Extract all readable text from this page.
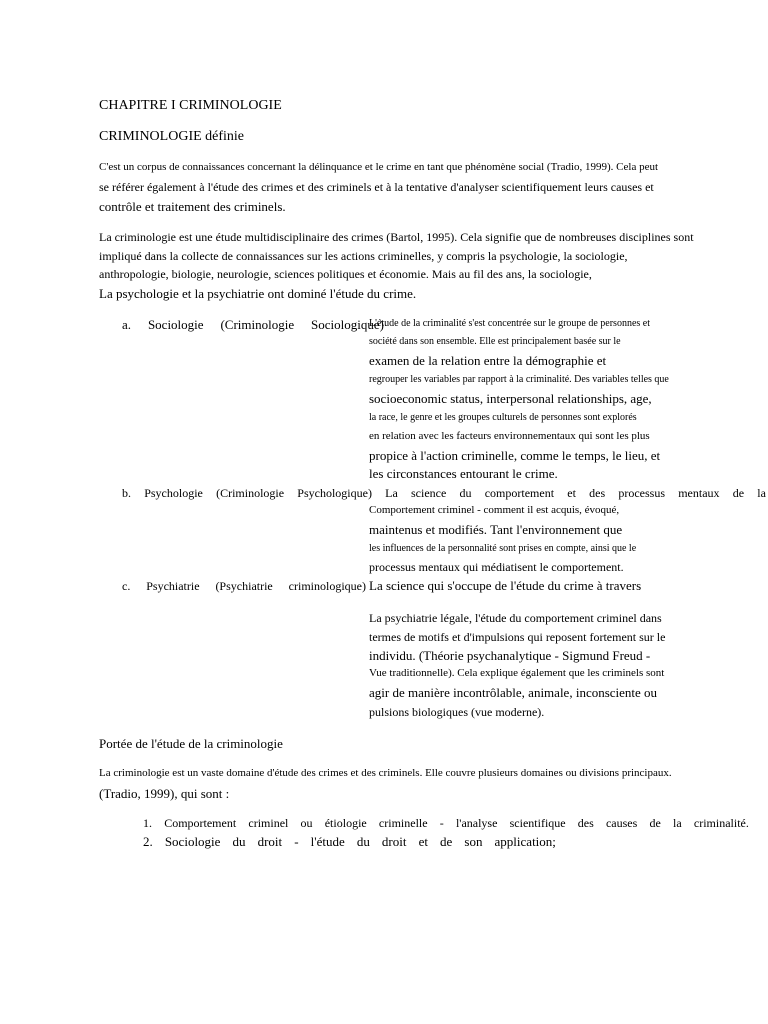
CHAPITRE I CRIMINOLOGIE
CRIMINOLOGIE définie
C'est un corpus de connaissances concernant la délinquance et le crime en tant que phénomène social (Tradio, 1999). Cela peut
se référer également à l'étude des crimes et des criminels et à la tentative d'analyser scientifiquement leurs causes et
contrôle et traitement des criminels.
La criminologie est une étude multidisciplinaire des crimes (Bartol, 1995). Cela signifie que de nombreuses disciplines sont
impliqué dans la collecte de connaissances sur les actions criminelles, y compris la psychologie, la sociologie,
anthropologie, biologie, neurologie, sciences politiques et économie. Mais au fil des ans, la sociologie,
La psychologie et la psychiatrie ont dominé l'étude du crime.
a. Sociologie (Criminologie Sociologique)
L'étude de la criminalité s'est concentrée sur le groupe de personnes et
société dans son ensemble. Elle est principalement basée sur le
examen de la relation entre la démographie et
regrouper les variables par rapport à la criminalité. Des variables telles que
socioeconomic status, interpersonal relationships, age,
la race, le genre et les groupes culturels de personnes sont explorés
en relation avec les facteurs environnementaux qui sont les plus
propice à l'action criminelle, comme le temps, le lieu, et
les circonstances entourant le crime.
b. Psychologie (Criminologie Psychologique) La science du comportement et des processus mentaux de la
Comportement criminel - comment il est acquis, évoqué,
maintenus et modifiés. Tant l'environnement que
les influences de la personnalité sont prises en compte, ainsi que le
processus mentaux qui médiatisent le comportement.
c. Psychiatrie (Psychiatrie criminologique) La science qui s'occupe de l'étude du crime à travers
La psychiatrie légale, l'étude du comportement criminel dans
termes de motifs et d'impulsions qui reposent fortement sur le
individu. (Théorie psychanalytique - Sigmund Freud -
Vue traditionnelle). Cela explique également que les criminels sont
agir de manière incontrôlable, animale, inconsciente ou
pulsions biologiques (vue moderne).
Portée de l'étude de la criminologie
La criminologie est un vaste domaine d'étude des crimes et des criminels. Elle couvre plusieurs domaines ou divisions principaux.
(Tradio, 1999), qui sont :
1. Comportement criminel ou étiologie criminelle - l'analyse scientifique des causes de la criminalité.
2. Sociologie du droit - l'étude du droit et de son application;
